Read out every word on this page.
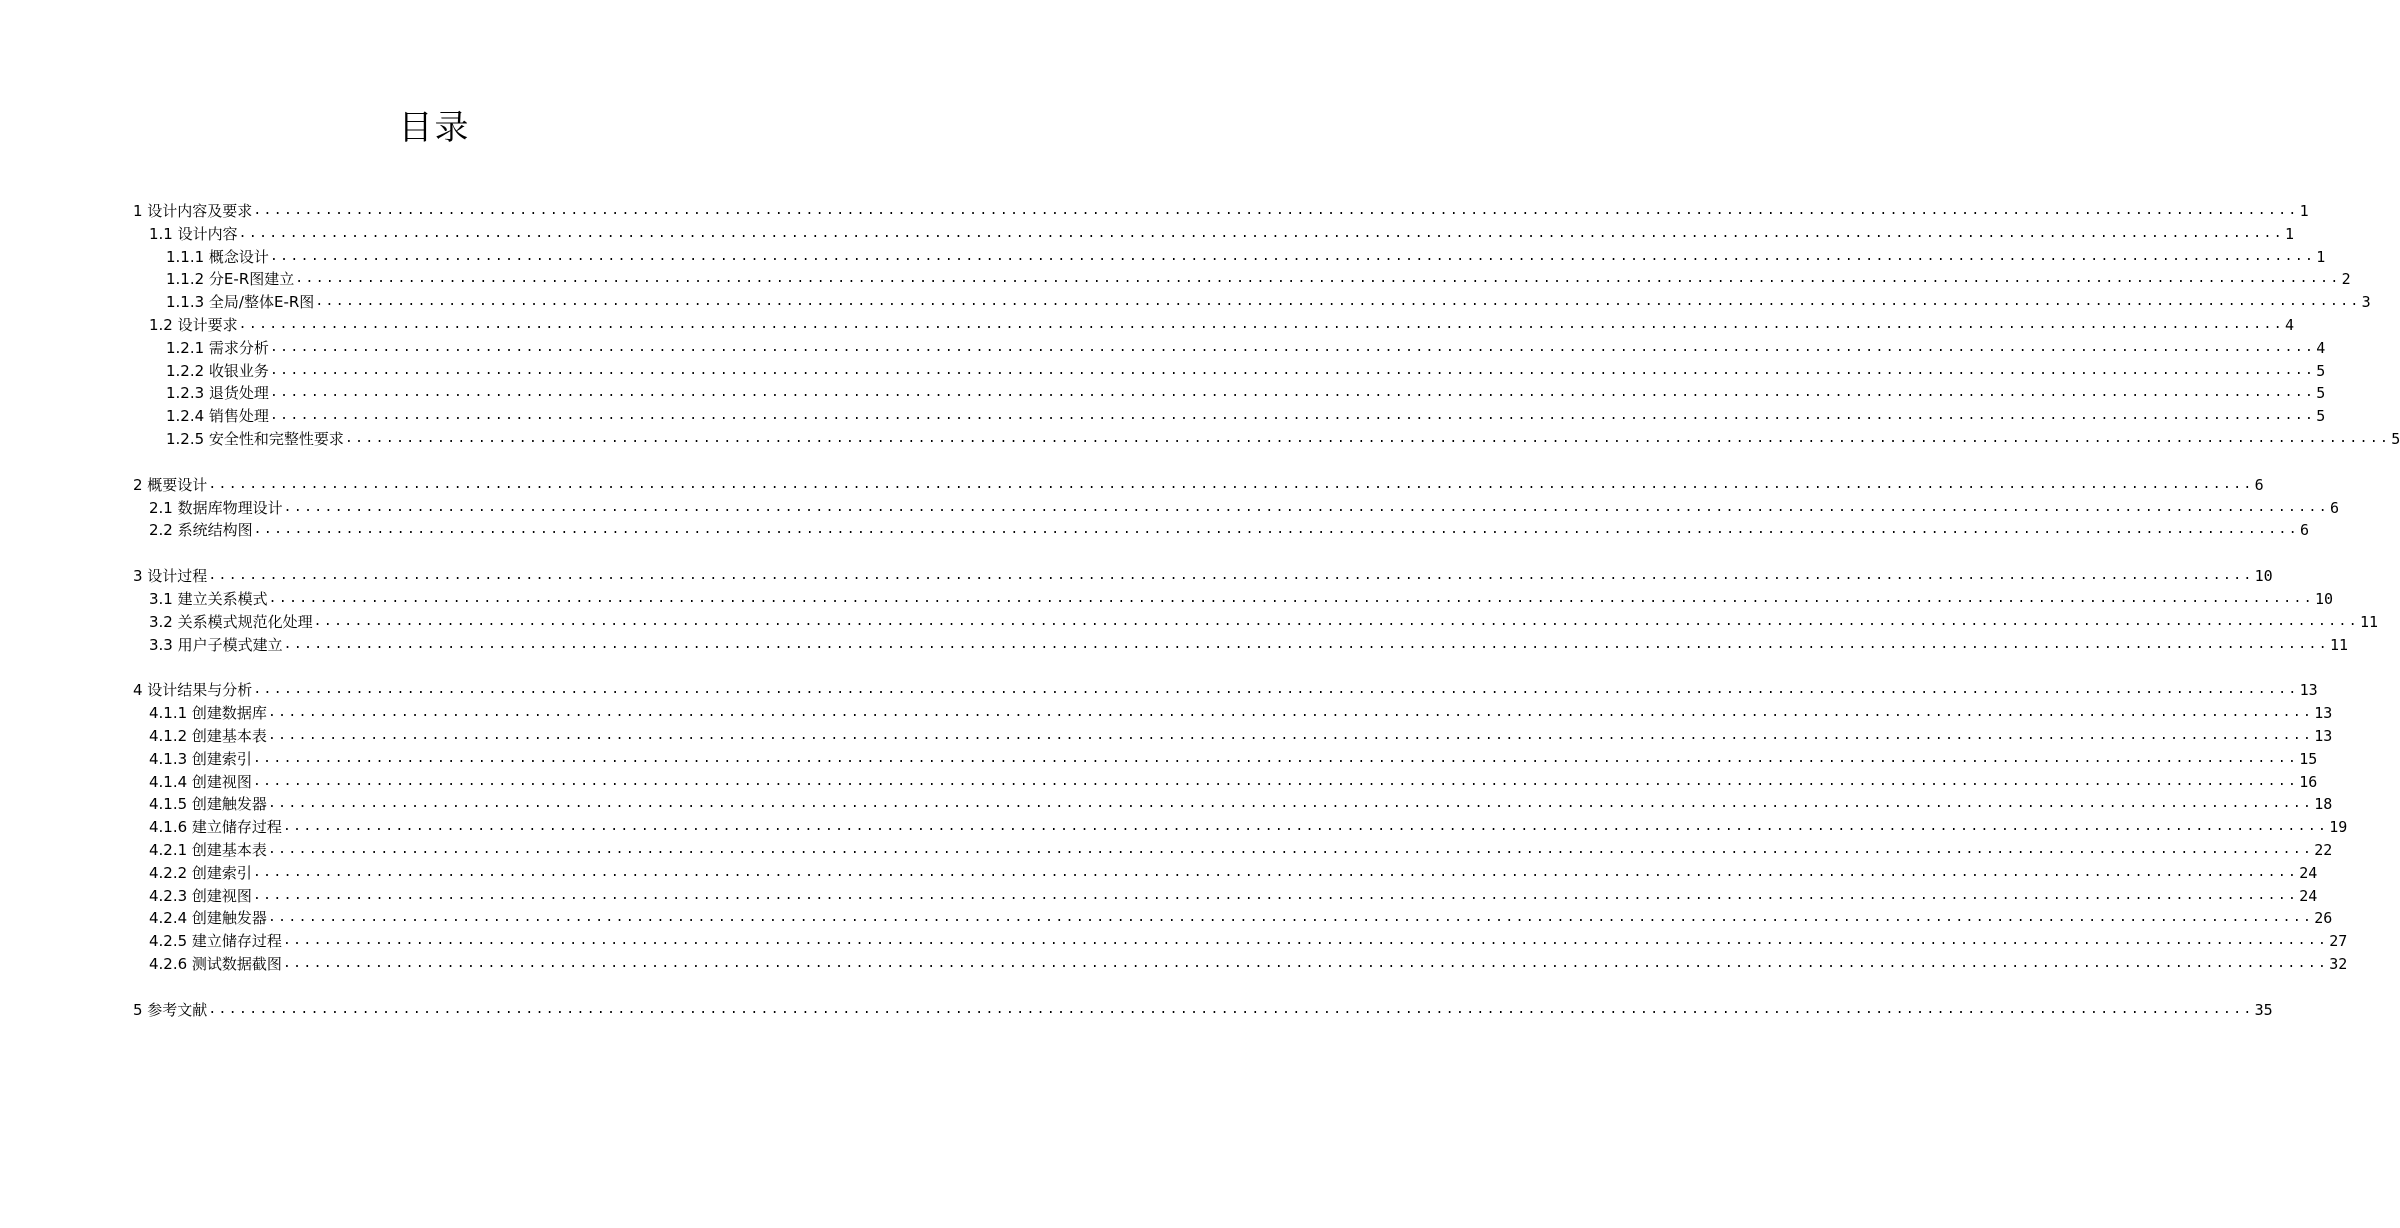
目录
1 设计内容及要求 ........................................................................................................................................................................................................ 1
1.1 设计内容 ........................................................................................................................................................................................................ 1
1.1.1 概念设计 ........................................................................................................................................................................................................ 1
1.1.2 分E-R图建立 ........................................................................................................................................................................................................ 2
1.1.3 全局/整体E-R图 ........................................................................................................................................................................................................ 3
1.2 设计要求 ........................................................................................................................................................................................................ 4
1.2.1 需求分析 ........................................................................................................................................................................................................ 4
1.2.2 收银业务 ........................................................................................................................................................................................................ 5
1.2.3 退货处理 ........................................................................................................................................................................................................ 5
1.2.4 销售处理 ........................................................................................................................................................................................................ 5
1.2.5 安全性和完整性要求 ........................................................................................................................................................................................................ 5
2 概要设计 ........................................................................................................................................................................................................ 6
2.1 数据库物理设计 ........................................................................................................................................................................................................ 6
2.2 系统结构图 ........................................................................................................................................................................................................ 6
3 设计过程 ........................................................................................................................................................................................................ 10
3.1 建立关系模式 ........................................................................................................................................................................................................ 10
3.2 关系模式规范化处理 ........................................................................................................................................................................................................ 11
3.3 用户子模式建立 ........................................................................................................................................................................................................ 11
4 设计结果与分析 ........................................................................................................................................................................................................ 13
4.1.1 创建数据库 ........................................................................................................................................................................................................ 13
4.1.2 创建基本表 ........................................................................................................................................................................................................ 13
4.1.3 创建索引 ........................................................................................................................................................................................................ 15
4.1.4 创建视图 ........................................................................................................................................................................................................ 16
4.1.5 创建触发器 ........................................................................................................................................................................................................ 18
4.1.6 建立储存过程 ........................................................................................................................................................................................................ 19
4.2.1 创建基本表 ........................................................................................................................................................................................................ 22
4.2.2 创建索引 ........................................................................................................................................................................................................ 24
4.2.3 创建视图 ........................................................................................................................................................................................................ 24
4.2.4 创建触发器 ........................................................................................................................................................................................................ 26
4.2.5 建立储存过程 ........................................................................................................................................................................................................ 27
4.2.6 测试数据截图 ........................................................................................................................................................................................................ 32
5 参考文献 ........................................................................................................................................................................................................ 35
